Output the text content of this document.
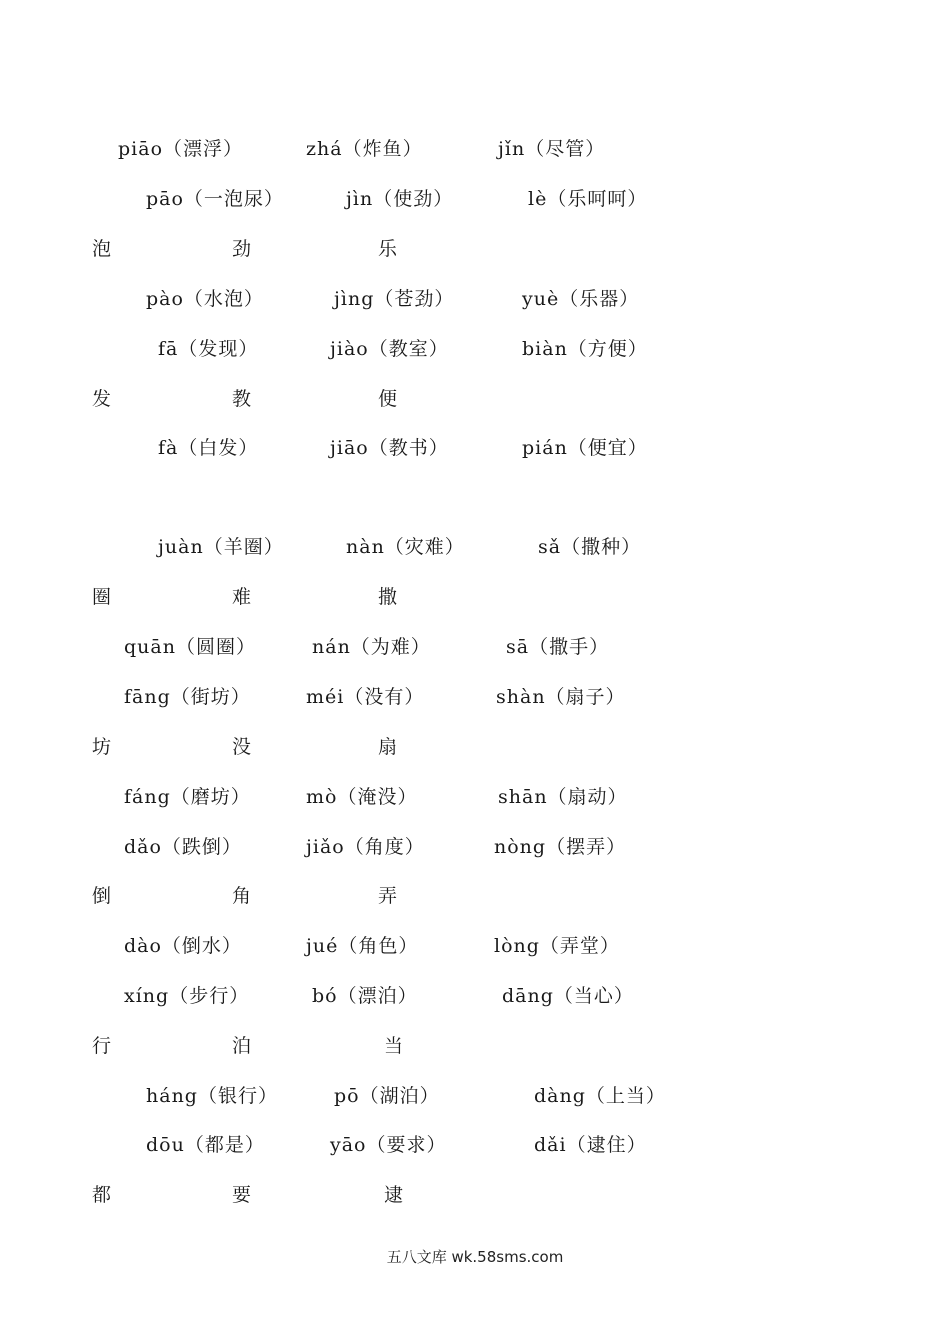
piāo（漂浮）	zhá（炸鱼）	jǐn（尽管）
pāo（一泡尿）	jìn（使劲）	lè（乐呵呵）
泡	劲	乐
pào（水泡）	jìng（苍劲）	yuè（乐器）
fā（发现）	jiào（教室）	biàn（方便）
发	教	便
fà（白发）	jiāo（教书）	pián（便宜）
juàn（羊圈）	nàn（灾难）	sǎ（撒种）
圈	难	撒
quān（圆圈）	nán（为难）	sā（撒手）
fāng（街坊）	méi（没有）	shàn（扇子）
坊	没	扇
fáng（磨坊）	mò（淹没）	shān（扇动）
dǎo（跌倒）	jiǎo（角度）	nòng（摆弄）
倒	角	弄
dào（倒水）	jué（角色）	lòng（弄堂）
xíng（步行）	bó（漂泊）	dāng（当心）
行	泊	当
háng（银行）	pō（湖泊）	dàng（上当）
dōu（都是）	yāo（要求）	dǎi（逮住）
都	要	逮
五八文库 wk.58sms.com
